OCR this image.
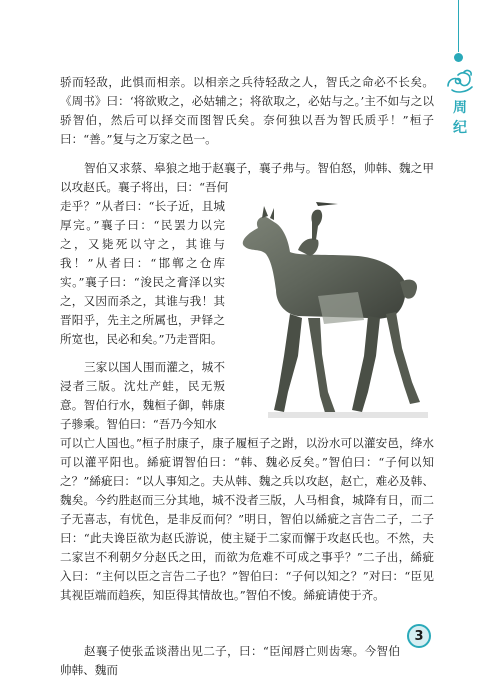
周
纪

骄而轻敌，此惧而相亲。以相亲之兵待轻敌之人，智氏之命必不长矣。《周书》曰：‘将欲败之，必姑辅之；将欲取之，必姑与之。’主不如与之以骄智伯，然后可以择交而图智氏矣。奈何独以吾为智氏质乎！”桓子曰：“善。”复与之万家之邑一。

智伯又求蔡、皋狼之地于赵襄子，襄子弗与。智伯怒，帅韩、魏之甲以攻赵氏。襄子将出，曰：“吾何

走乎？”从者曰：“长子近，且城厚完。”襄子曰：“民罢力以完之，又毙死以守之，其谁与我！”从者曰：“邯郸之仓库实。”襄子曰：“浚民之膏泽以实之，又因而杀之，其谁与我！其晋阳乎，先主之所属也，尹铎之所宽也，民必和矣。”乃走晋阳。

三家以国人围而灌之，城不浸者三版。沈灶产蛙，民无叛意。智伯行水，魏桓子御，韩康子骖乘。智伯曰：“吾乃今知水

可以亡人国也。”桓子肘康子，康子履桓子之跗，以汾水可以灌安邑，绛水可以灌平阳也。絺疵谓智伯曰：“韩、魏必反矣。”智伯曰：“子何以知之？”絺疵曰：“以人事知之。夫从韩、魏之兵以攻赵，赵亡，难必及韩、魏矣。今约胜赵而三分其地，城不没者三版，人马相食，城降有日，而二子无喜志，有忧色，是非反而何？”明日，智伯以絺疵之言告二子，二子曰：“此夫谗臣欲为赵氏游说，使主疑于二家而懈于攻赵氏也。不然，夫二家岂不利朝夕分赵氏之田，而欲为危难不可成之事乎？”二子出，絺疵入曰：“主何以臣之言告二子也？”智伯曰：“子何以知之？”对曰：“臣见其视臣端而趋疾，知臣得其情故也。”智伯不悛。絺疵请使于齐。

赵襄子使张孟谈潜出见二子，曰：“臣闻唇亡则齿寒。今智伯帅韩、魏而

3
